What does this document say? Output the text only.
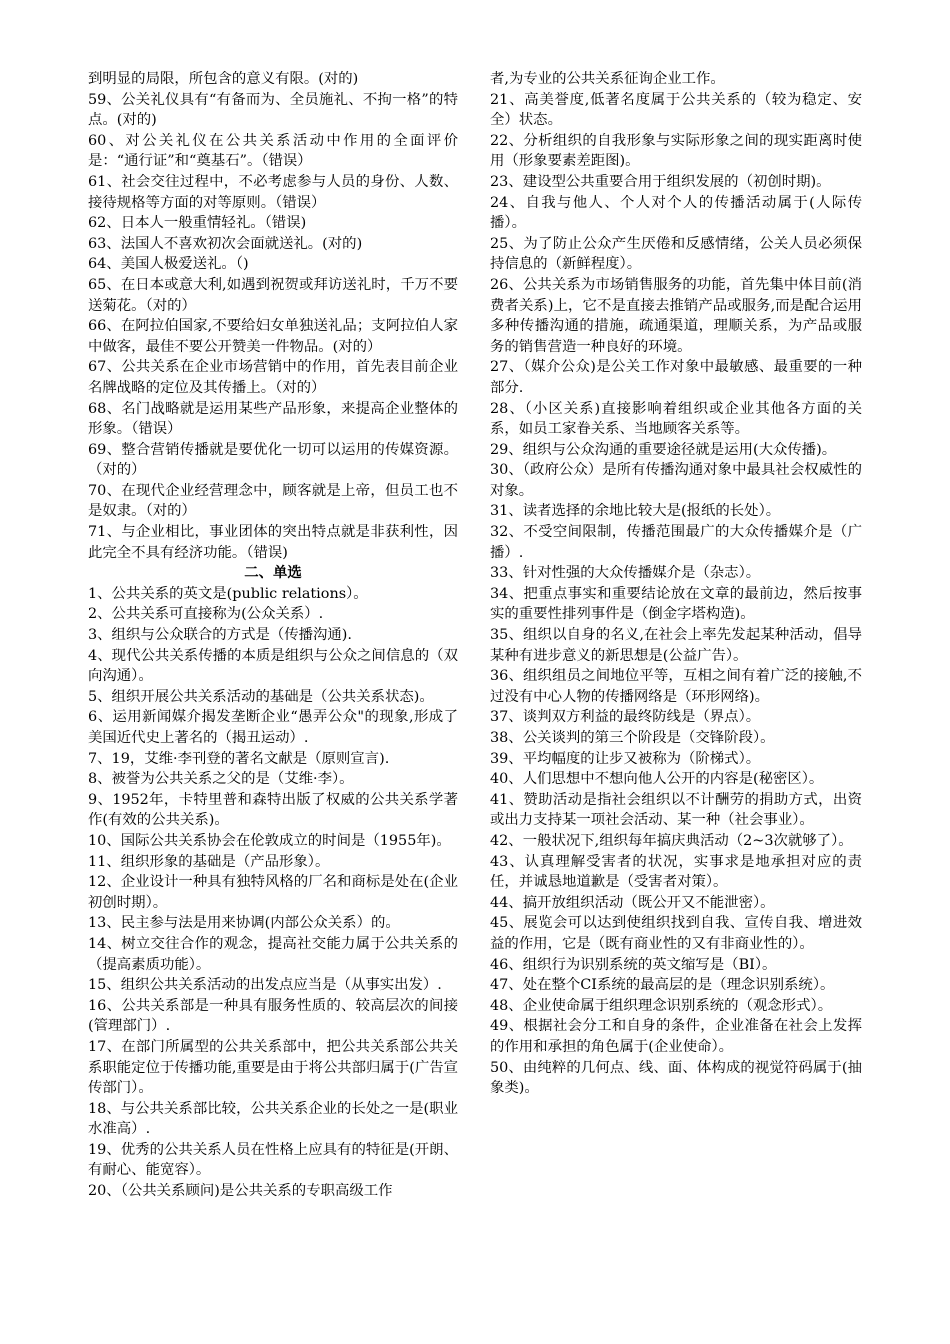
到明显的局限，所包含的意义有限。(对的)

59、公关礼仪具有“有备而为、全员施礼、不拘一格”的特点。(对的)

60、对公关礼仪在公共关系活动中作用的全面评价是：“通行证”和“奠基石”。（错误）

61、社会交往过程中，不必考虑参与人员的身份、人数、接待规格等方面的对等原则。（错误）

62、日本人一般重情轻礼。（错误)

63、法国人不喜欢初次会面就送礼。(对的)

64、美国人极爱送礼。（)

65、在日本或意大利,如遇到祝贺或拜访送礼时，千万不要送菊花。（对的）

66、在阿拉伯国家,不要给妇女单独送礼品；支阿拉伯人家中做客，最佳不要公开赞美一件物品。(对的）

67、公共关系在企业市场营销中的作用，首先表目前企业名牌战略的定位及其传播上。（对的）

68、名门战略就是运用某些产品形象，来提高企业整体的形象。（错误）

69、整合营销传播就是要优化一切可以运用的传媒资源。（对的）

70、在现代企业经营理念中，顾客就是上帝，但员工也不是奴隶。（对的）

71、与企业相比，事业团体的突出特点就是非获利性，因此完全不具有经济功能。（错误)

二、单选

1、公共关系的英文是(public relations）。

2、公共关系可直接称为(公众关系）.

3、组织与公众联合的方式是（传播沟通).

4、现代公共关系传播的本质是组织与公众之间信息的（双向沟通）。

5、组织开展公共关系活动的基础是（公共关系状态)。

6、运用新闻媒介揭发垄断企业“愚弄公众"的现象,形成了美国近代史上著名的（揭丑运动）.

7、19，艾维·李刊登的著名文献是（原则宣言).

8、被誉为公共关系之父的是（艾维·李）。

9、1952年，卡特里普和森特出版了权威的公共关系学著作(有效的公共关系)。

10、国际公共关系协会在伦敦成立的时间是（1955年)。

11、组织形象的基础是（产品形象）。

12、企业设计一种具有独特风格的厂名和商标是处在(企业初创时期）。

13、民主参与法是用来协调(内部公众关系）的。

14、树立交往合作的观念，提高社交能力属于公共关系的（提高素质功能）。

15、组织公共关系活动的出发点应当是（从事实出发）.

16、公共关系部是一种具有服务性质的、较高层次的间接(管理部门）.

17、在部门所属型的公共关系部中，把公共关系部公共关系职能定位于传播功能,重要是由于将公共部归属于(广告宣传部门）。

18、与公共关系部比较，公共关系企业的长处之一是(职业水准高）.

19、优秀的公共关系人员在性格上应具有的特征是(开朗、有耐心、能宽容）。

20、（公共关系顾问)是公共关系的专职高级工作

者,为专业的公共关系征询企业工作。

21、高美誉度,低著名度属于公共关系的（较为稳定、安全）状态。

22、分析组织的自我形象与实际形象之间的现实距离时使用（形象要素差距图)。

23、建设型公共重要合用于组织发展的（初创时期)。

24、自我与他人、个人对个人的传播活动属于(人际传播）。

25、为了防止公众产生厌倦和反感情绪，公关人员必须保持信息的（新鲜程度）。

26、公共关系为市场销售服务的功能，首先集中体目前(消费者关系)上，它不是直接去推销产品或服务,而是配合运用多种传播沟通的措施，疏通渠道，理顺关系，为产品或服务的销售营造一种良好的环境。

27、（媒介公众)是公关工作对象中最敏感、最重要的一种部分.

28、（小区关系)直接影响着组织或企业其他各方面的关系，如员工家眷关系、当地顾客关系等。

29、组织与公众沟通的重要途径就是运用(大众传播)。

30、（政府公众）是所有传播沟通对象中最具社会权威性的对象。

31、读者选择的余地比较大是(报纸的长处）。

32、不受空间限制，传播范围最广的大众传播媒介是（广播）.

33、针对性强的大众传播媒介是（杂志）。

34、把重点事实和重要结论放在文章的最前边，然后按事实的重要性排列事件是（倒金字塔构造)。

35、组织以自身的名义,在社会上率先发起某种活动，倡导某种有进步意义的新思想是(公益广告）。

36、组织组员之间地位平等，互相之间有着广泛的接触,不过没有中心人物的传播网络是（环形网络)。

37、谈判双方利益的最终防线是（界点）。

38、公关谈判的第三个阶段是（交锋阶段）。

39、平均幅度的让步又被称为（阶梯式）。

40、人们思想中不想向他人公开的内容是(秘密区）。

41、赞助活动是指社会组织以不计酬劳的捐助方式，出资或出力支持某一项社会活动、某一种（社会事业）。

42、一般状况下,组织每年搞庆典活动（2~3次就够了）。

43、认真理解受害者的状况，实事求是地承担对应的责任，并诚恳地道歉是（受害者对策）。

44、搞开放组织活动（既公开又不能泄密）。

45、展览会可以达到使组织找到自我、宣传自我、增进效益的作用，它是（既有商业性的又有非商业性的）。

46、组织行为识别系统的英文缩写是（BI）。

47、处在整个CI系统的最高层的是（理念识别系统）。

48、企业使命属于组织理念识别系统的（观念形式）。

49、根据社会分工和自身的条件，企业准备在社会上发挥的作用和承担的角色属于(企业使命）。

50、由纯粹的几何点、线、面、体构成的视觉符码属于(抽象类)。
